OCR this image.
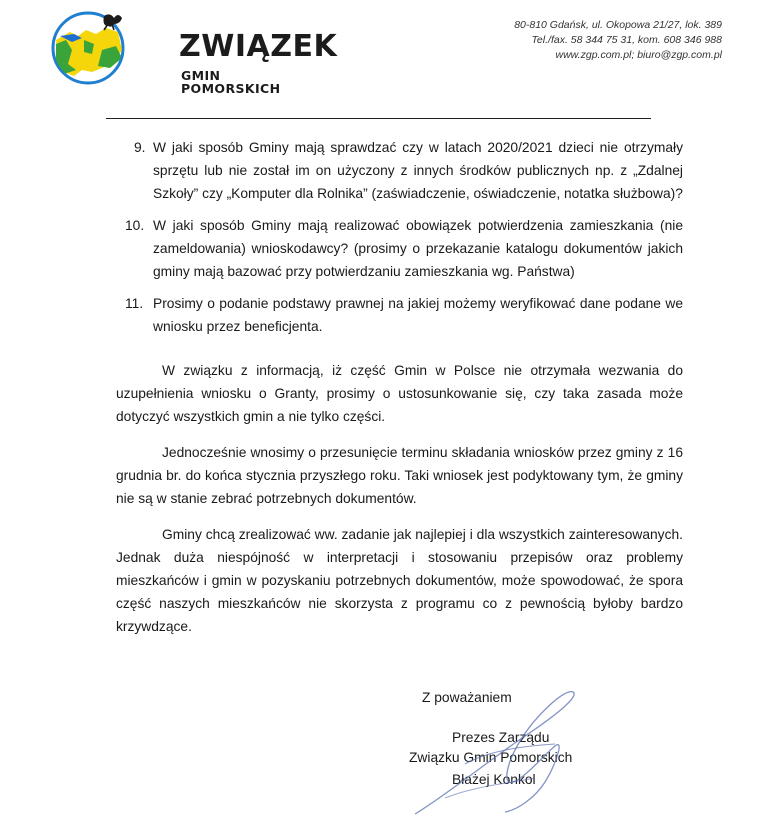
ZWIĄZEK
GMIN POMORSKICH
80-810 Gdańsk, ul. Okopowa 21/27, lok. 389
Tel./fax. 58 344 75 31, kom. 608 346 988
www.zgp.com.pl; biuro@zgp.com.pl
9. W jaki sposób Gminy mają sprawdzać czy w latach 2020/2021 dzieci nie otrzymały sprzętu lub nie został im on użyczony z innych środków publicznych np. z „Zdalnej Szkoły” czy „Komputer dla Rolnika” (zaświadczenie, oświadczenie, notatka służbowa)?
10. W jaki sposób Gminy mają realizować obowiązek potwierdzenia zamieszkania (nie zameldowania) wnioskodawcy? (prosimy o przekazanie katalogu dokumentów jakich gminy mają bazować przy potwierdzaniu zamieszkania wg. Państwa)
11. Prosimy o podanie podstawy prawnej na jakiej możemy weryfikować dane podane we wniosku przez beneficjenta.

W związku z informacją, iż część Gmin w Polsce nie otrzymała wezwania do uzupełnienia wniosku o Granty, prosimy o ustosunkowanie się, czy taka zasada może dotyczyć wszystkich gmin a nie tylko części.

Jednocześnie wnosimy o przesunięcie terminu składania wniosków przez gminy z 16 grudnia br. do końca stycznia przyszłego roku. Taki wniosek jest podyktowany tym, że gminy nie są w stanie zebrać potrzebnych dokumentów.

Gminy chcą zrealizować ww. zadanie jak najlepiej i dla wszystkich zainteresowanych. Jednak duża niespójność w interpretacji i stosowaniu przepisów oraz problemy mieszkańców i gmin w pozyskaniu potrzebnych dokumentów, może spowodować, że spora część naszych mieszkańców nie skorzysta z programu co z pewnością byłoby bardzo krzywdzące.

Z poważaniem
Prezes Zarządu
Związku Gmin Pomorskich
Błażej Konkol
